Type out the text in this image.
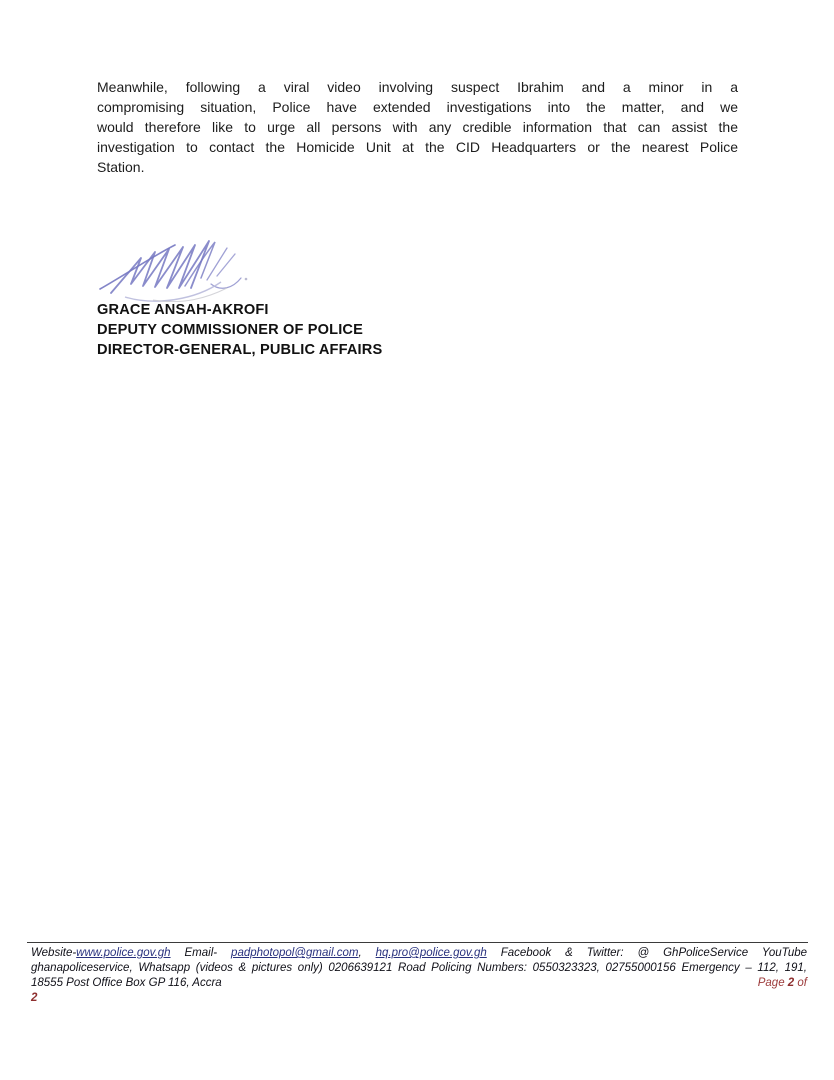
Meanwhile, following a viral video involving suspect Ibrahim and a minor in a
compromising situation, Police have extended investigations into the matter, and we
would therefore like to urge all persons with any credible information that can assist the
investigation to contact the Homicide Unit at the CID Headquarters or the nearest Police
Station.
GRACE ANSAH-AKROFI
DEPUTY COMMISSIONER OF POLICE
DIRECTOR-GENERAL, PUBLIC AFFAIRS
Website-www.police.gov.gh Email- padphotopol@gmail.com, hq.pro@police.gov.gh Facebook & Twitter: @ GhPoliceService YouTube
ghanapoliceservice, Whatsapp (videos & pictures only) 0206639121 Road Policing Numbers: 0550323323, 02755000156 Emergency – 112, 191,
18555 Post Office Box GP 116, Accra	Page 2 of
2
